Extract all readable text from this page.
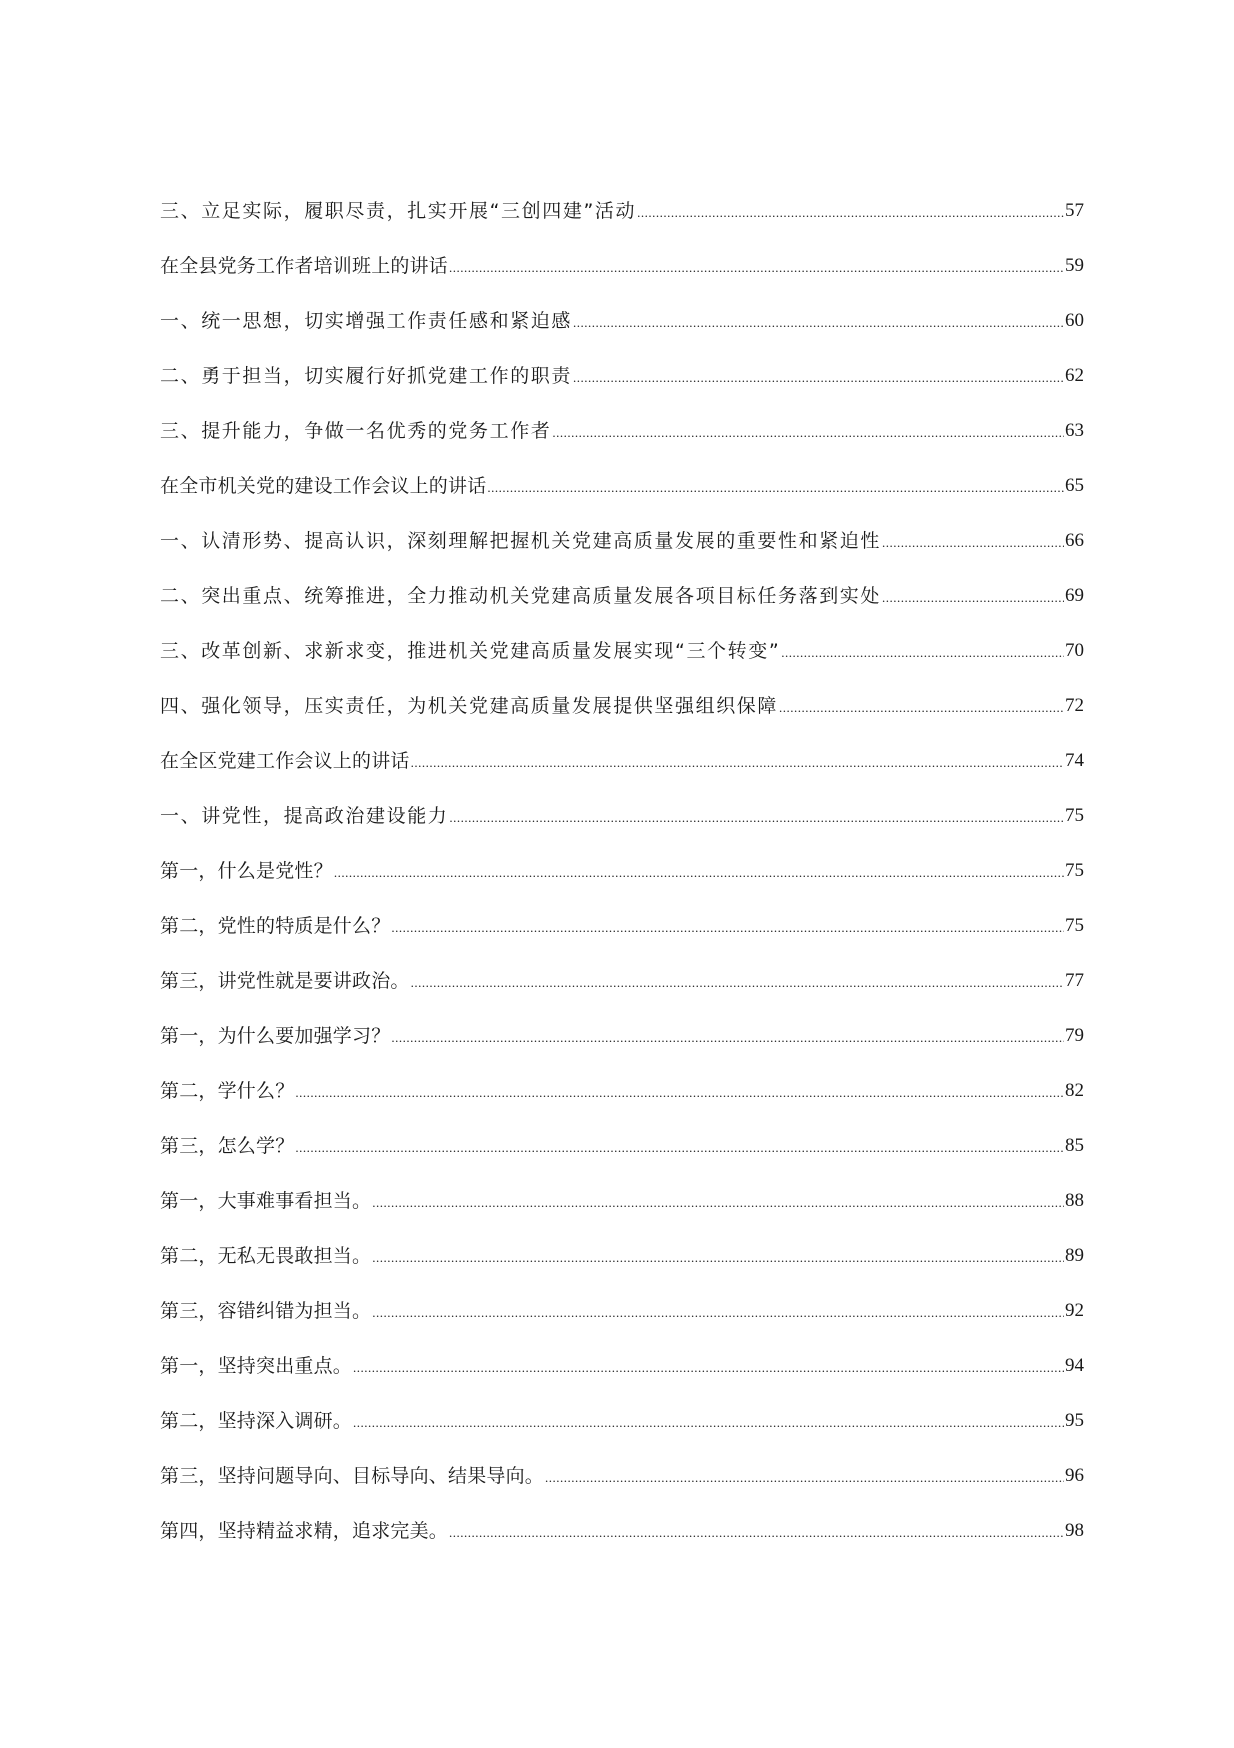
三、立足实际，履职尽责，扎实开展“三创四建”活动 .....	57
在全县党务工作者培训班上的讲话 .....	59
一、统一思想，切实增强工作责任感和紧迫感 .....	60
二、勇于担当，切实履行好抓党建工作的职责 .....	62
三、提升能力，争做一名优秀的党务工作者 .....	63
在全市机关党的建设工作会议上的讲话 .....	65
一、认清形势、提高认识，深刻理解把握机关党建高质量发展的重要性和紧迫性 .....	66
二、突出重点、统筹推进，全力推动机关党建高质量发展各项目标任务落到实处 .....	69
三、改革创新、求新求变，推进机关党建高质量发展实现“三个转变” .....	70
四、强化领导，压实责任，为机关党建高质量发展提供坚强组织保障 .....	72
在全区党建工作会议上的讲话 .....	74
一、讲党性，提高政治建设能力 .....	75
第一，什么是党性？ .....	75
第二，党性的特质是什么？ .....	75
第三，讲党性就是要讲政治。 .....	77
第一，为什么要加强学习？ .....	79
第二，学什么？ .....	82
第三，怎么学？ .....	85
第一，大事难事看担当。 .....	88
第二，无私无畏敢担当。 .....	89
第三，容错纠错为担当。 .....	92
第一，坚持突出重点。 .....	94
第二，坚持深入调研。 .....	95
第三，坚持问题导向、目标导向、结果导向。 .....	96
第四，坚持精益求精，追求完美。 .....	98
